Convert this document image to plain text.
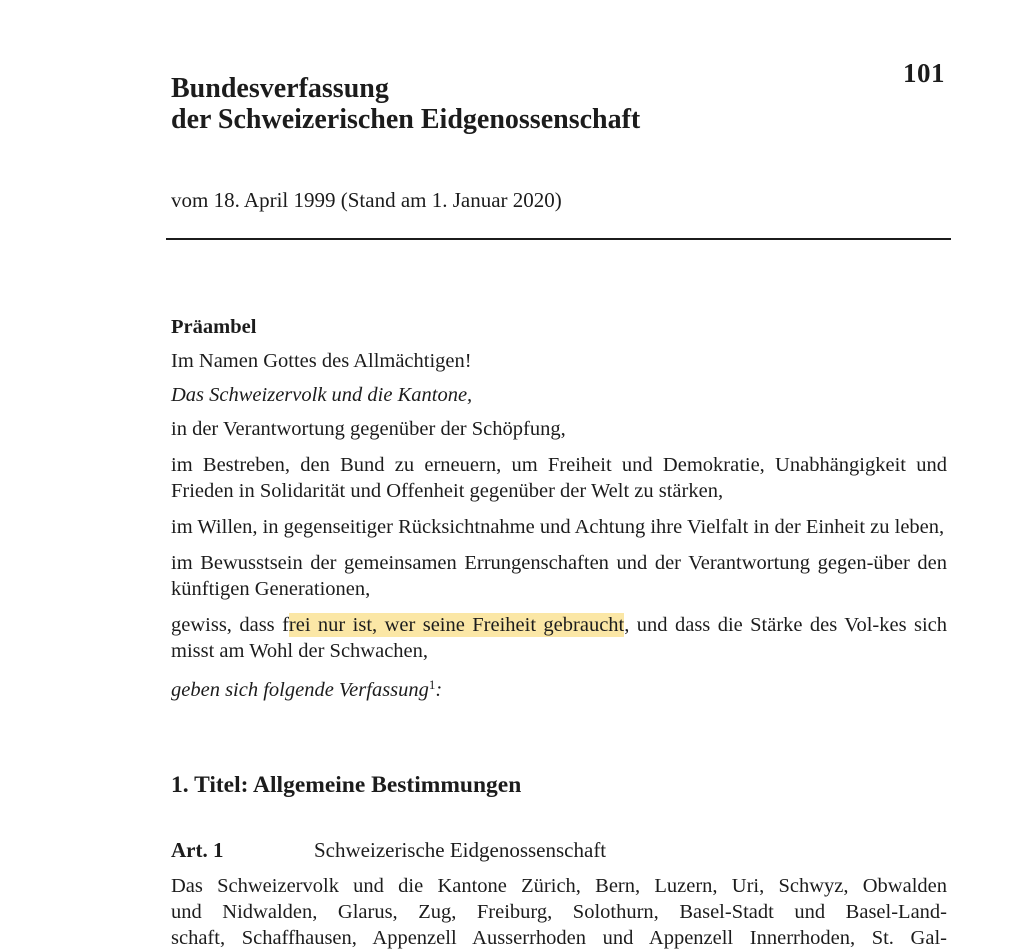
101
Bundesverfassung
der Schweizerischen Eidgenossenschaft
vom 18. April 1999 (Stand am 1. Januar 2020)
Präambel

Im Namen Gottes des Allmächtigen!

Das Schweizervolk und die Kantone,

in der Verantwortung gegenüber der Schöpfung,

im Bestreben, den Bund zu erneuern, um Freiheit und Demokratie, Unabhängigkeit und Frieden in Solidarität und Offenheit gegenüber der Welt zu stärken,

im Willen, in gegenseitiger Rücksichtnahme und Achtung ihre Vielfalt in der Einheit zu leben,

im Bewusstsein der gemeinsamen Errungenschaften und der Verantwortung gegen-über den künftigen Generationen,

gewiss, dass frei nur ist, wer seine Freiheit gebraucht, und dass die Stärke des Vol-kes sich misst am Wohl der Schwachen,

geben sich folgende Verfassung$^1$:

1. Titel: Allgemeine Bestimmungen
Art. 1	Schweizerische Eidgenossenschaft
Das Schweizervolk und die Kantone Zürich, Bern, Luzern, Uri, Schwyz, Obwalden
und Nidwalden, Glarus, Zug, Freiburg, Solothurn, Basel-Stadt und Basel-Land-
schaft, Schaffhausen, Appenzell Ausserrhoden und Appenzell Innerrhoden, St. Gal-
